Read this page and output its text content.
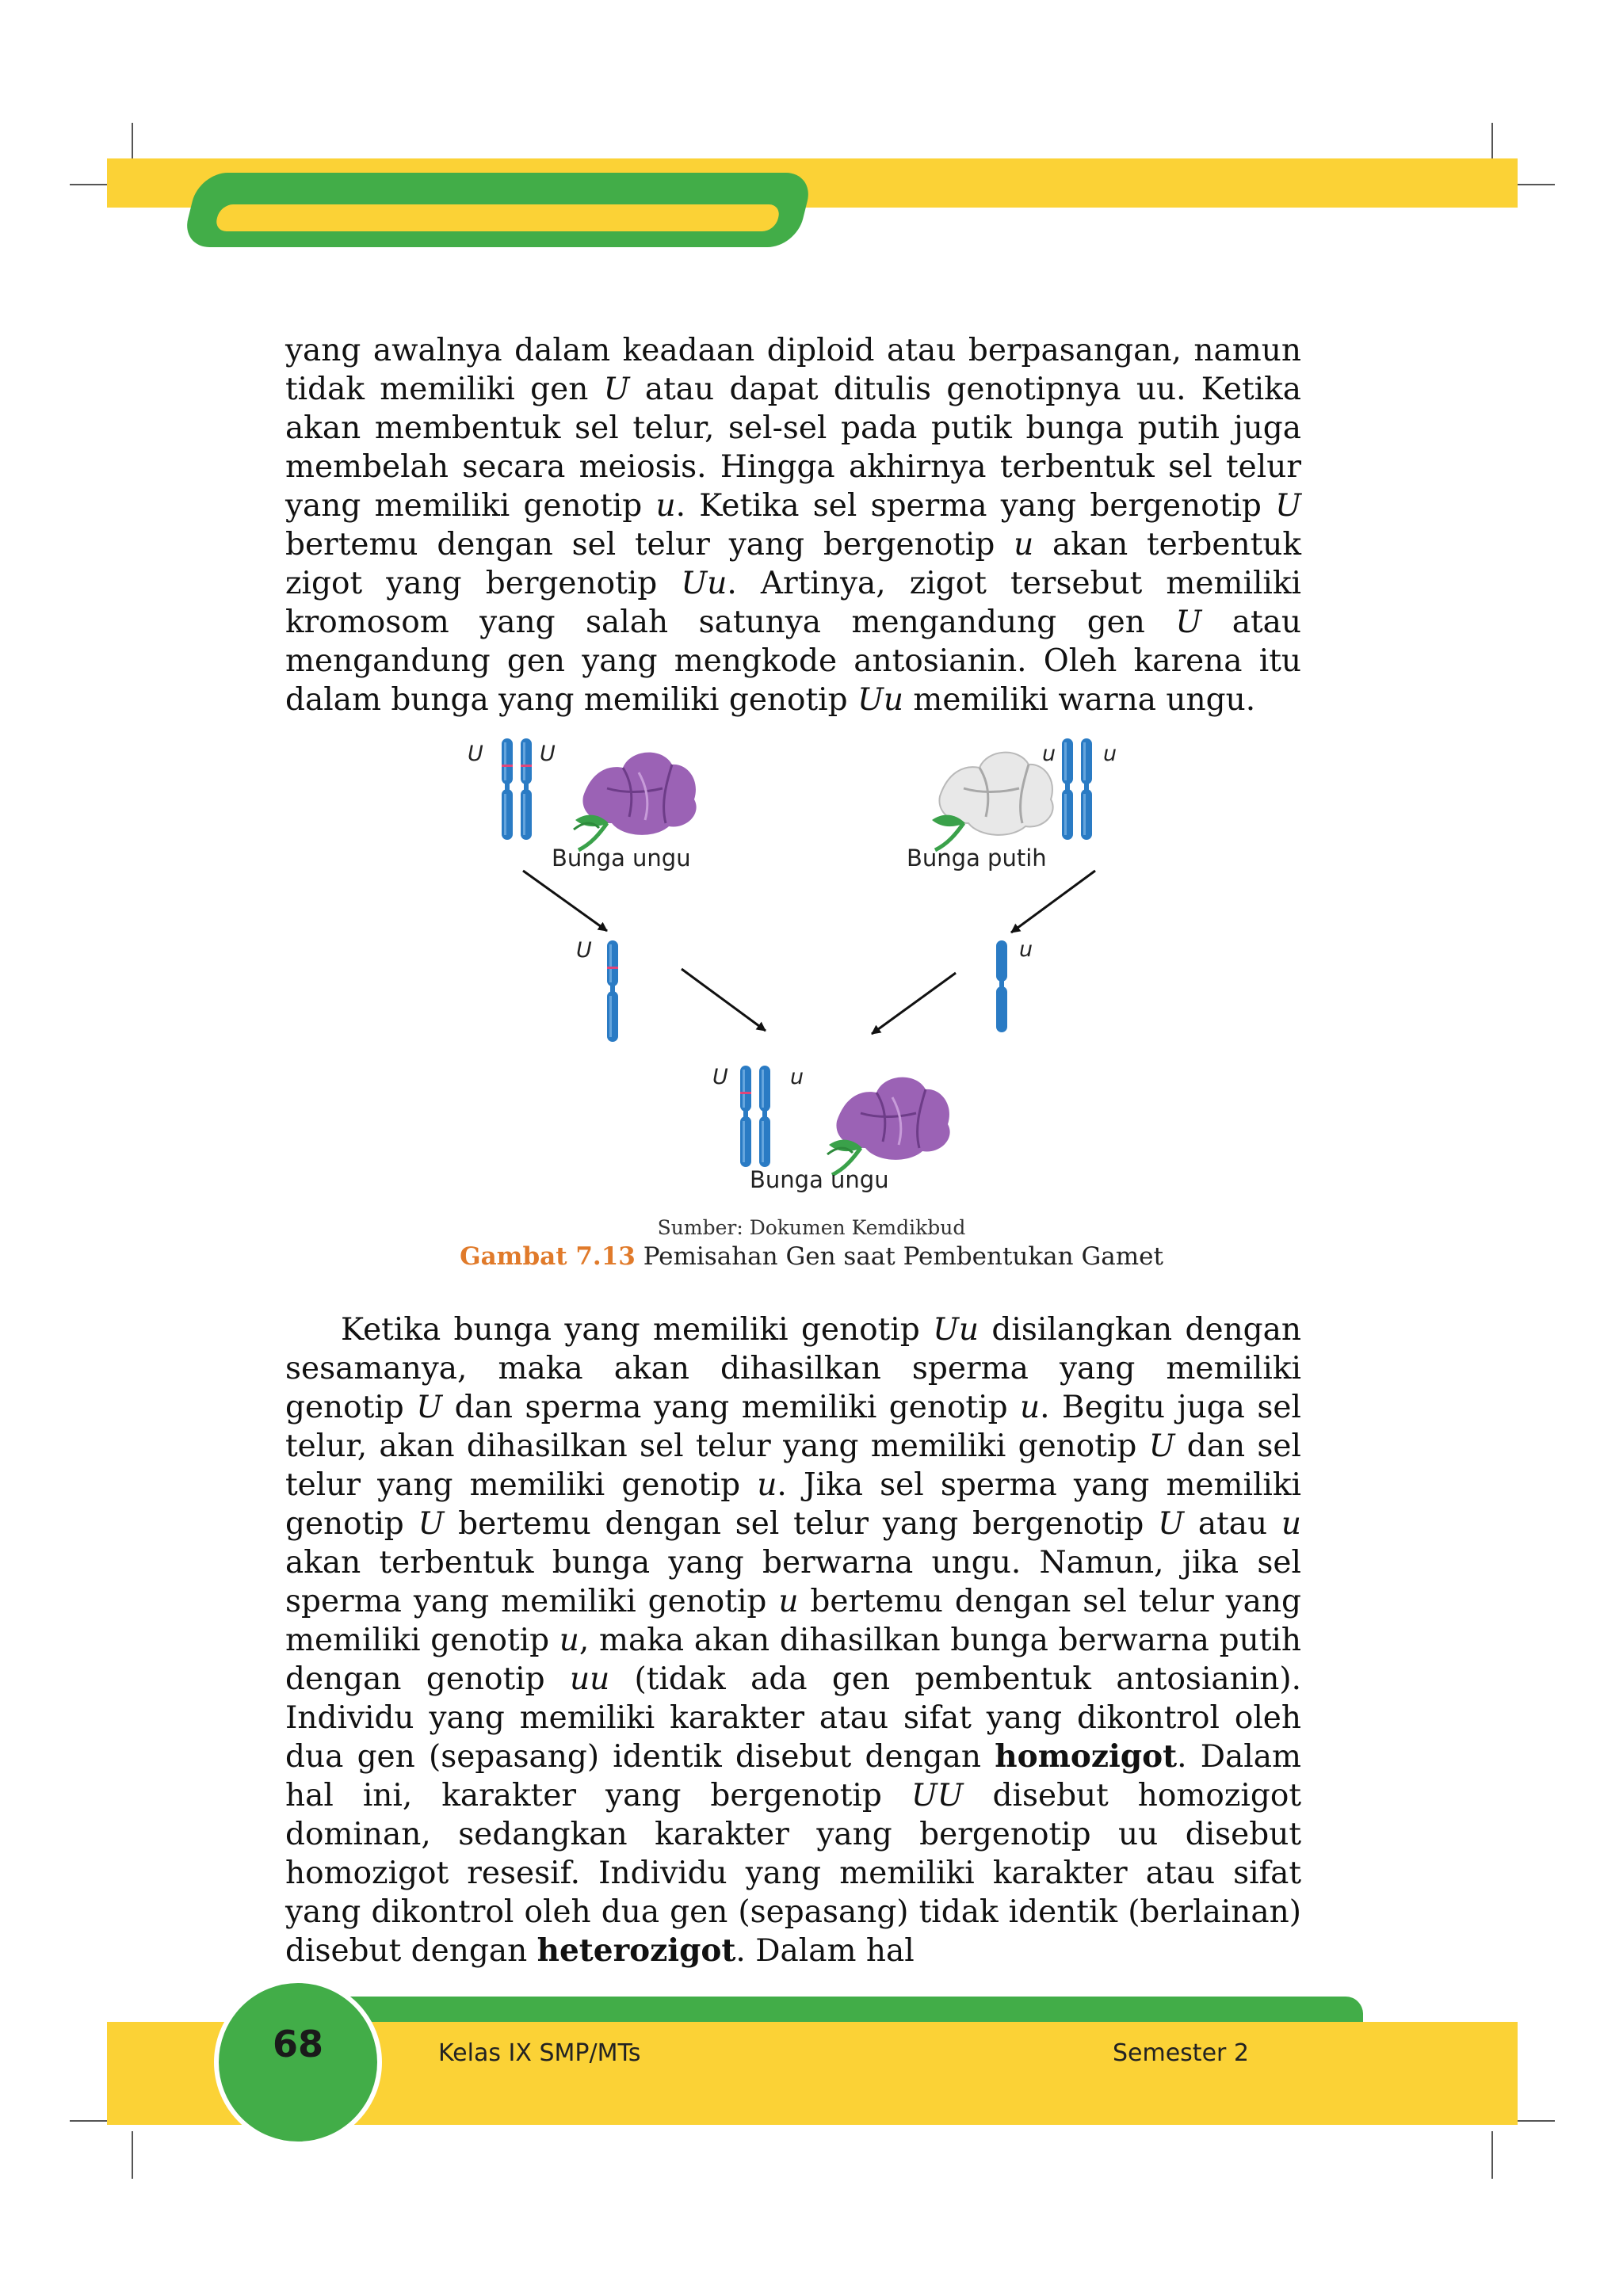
yang awalnya dalam keadaan diploid atau berpasangan, namun tidak memiliki gen U atau dapat ditulis genotipnya uu. Ketika akan membentuk sel telur, sel-sel pada putik bunga putih juga membelah secara meiosis. Hingga akhirnya terbentuk sel telur yang memiliki genotip u. Ketika sel sperma yang bergenotip U bertemu dengan sel telur yang bergenotip u akan terbentuk zigot yang bergenotip Uu. Artinya, zigot tersebut memiliki kromosom yang salah satunya mengandung gen U atau mengandung gen yang mengkode antosianin. Oleh karena itu dalam bunga yang memiliki genotip Uu memiliki warna ungu.

U	U	u u
U	u
U	u
Bunga ungu	Bunga putih
Bunga ungu
Sumber: Dokumen Kemdikbud
Gambat 7.13 Pemisahan Gen saat Pembentukan Gamet

Ketika bunga yang memiliki genotip Uu disilangkan dengan sesamanya, maka akan dihasilkan sperma yang memiliki genotip U dan sperma yang memiliki genotip u. Begitu juga sel telur, akan dihasilkan sel telur yang memiliki genotip U dan sel telur yang memiliki genotip u. Jika sel sperma yang memiliki genotip U bertemu dengan sel telur yang bergenotip U atau u akan terbentuk bunga yang berwarna ungu. Namun, jika sel sperma yang memiliki genotip u bertemu dengan sel telur yang memiliki genotip u, maka akan dihasilkan bunga berwarna putih dengan genotip uu (tidak ada gen pembentuk antosianin). Individu yang memiliki karakter atau sifat yang dikontrol oleh dua gen (sepasang) identik disebut dengan homozigot. Dalam hal ini, karakter yang bergenotip UU disebut homozigot dominan, sedangkan karakter yang bergenotip uu disebut homozigot resesif. Individu yang memiliki karakter atau sifat yang dikontrol oleh dua gen (sepasang) tidak identik (berlainan) disebut dengan heterozigot. Dalam hal

68	Kelas IX SMP/MTs	Semester 2
